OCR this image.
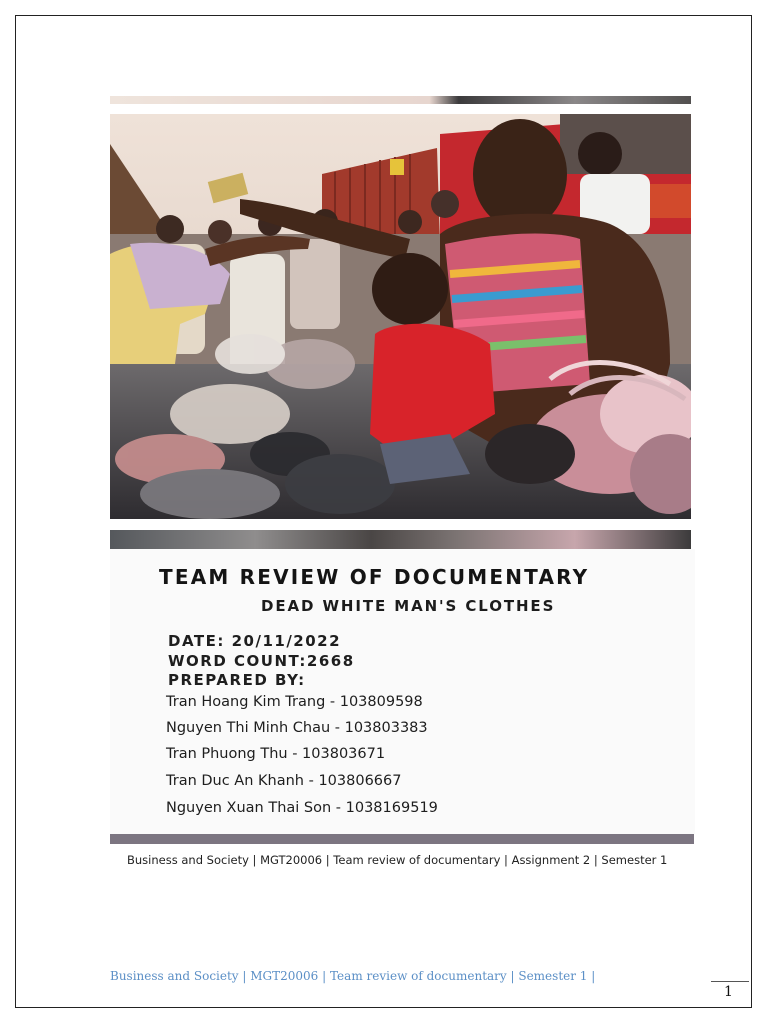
TEAM REVIEW OF DOCUMENTARY
DEAD WHITE MAN'S CLOTHES

DATE: 20/11/2022

WORD COUNT:2668

PREPARED BY:

Tran Hoang Kim Trang - 103809598

Nguyen Thi Minh Chau - 103803383

Tran Phuong Thu - 103803671

Tran Duc An Khanh - 103806667

Nguyen Xuan Thai Son - 1038169519

Business and Society | MGT20006 | Team review of documentary | Assignment 2 | Semester 1

Business and Society | MGT20006 | Team review of documentary | Semester 1 |

1
